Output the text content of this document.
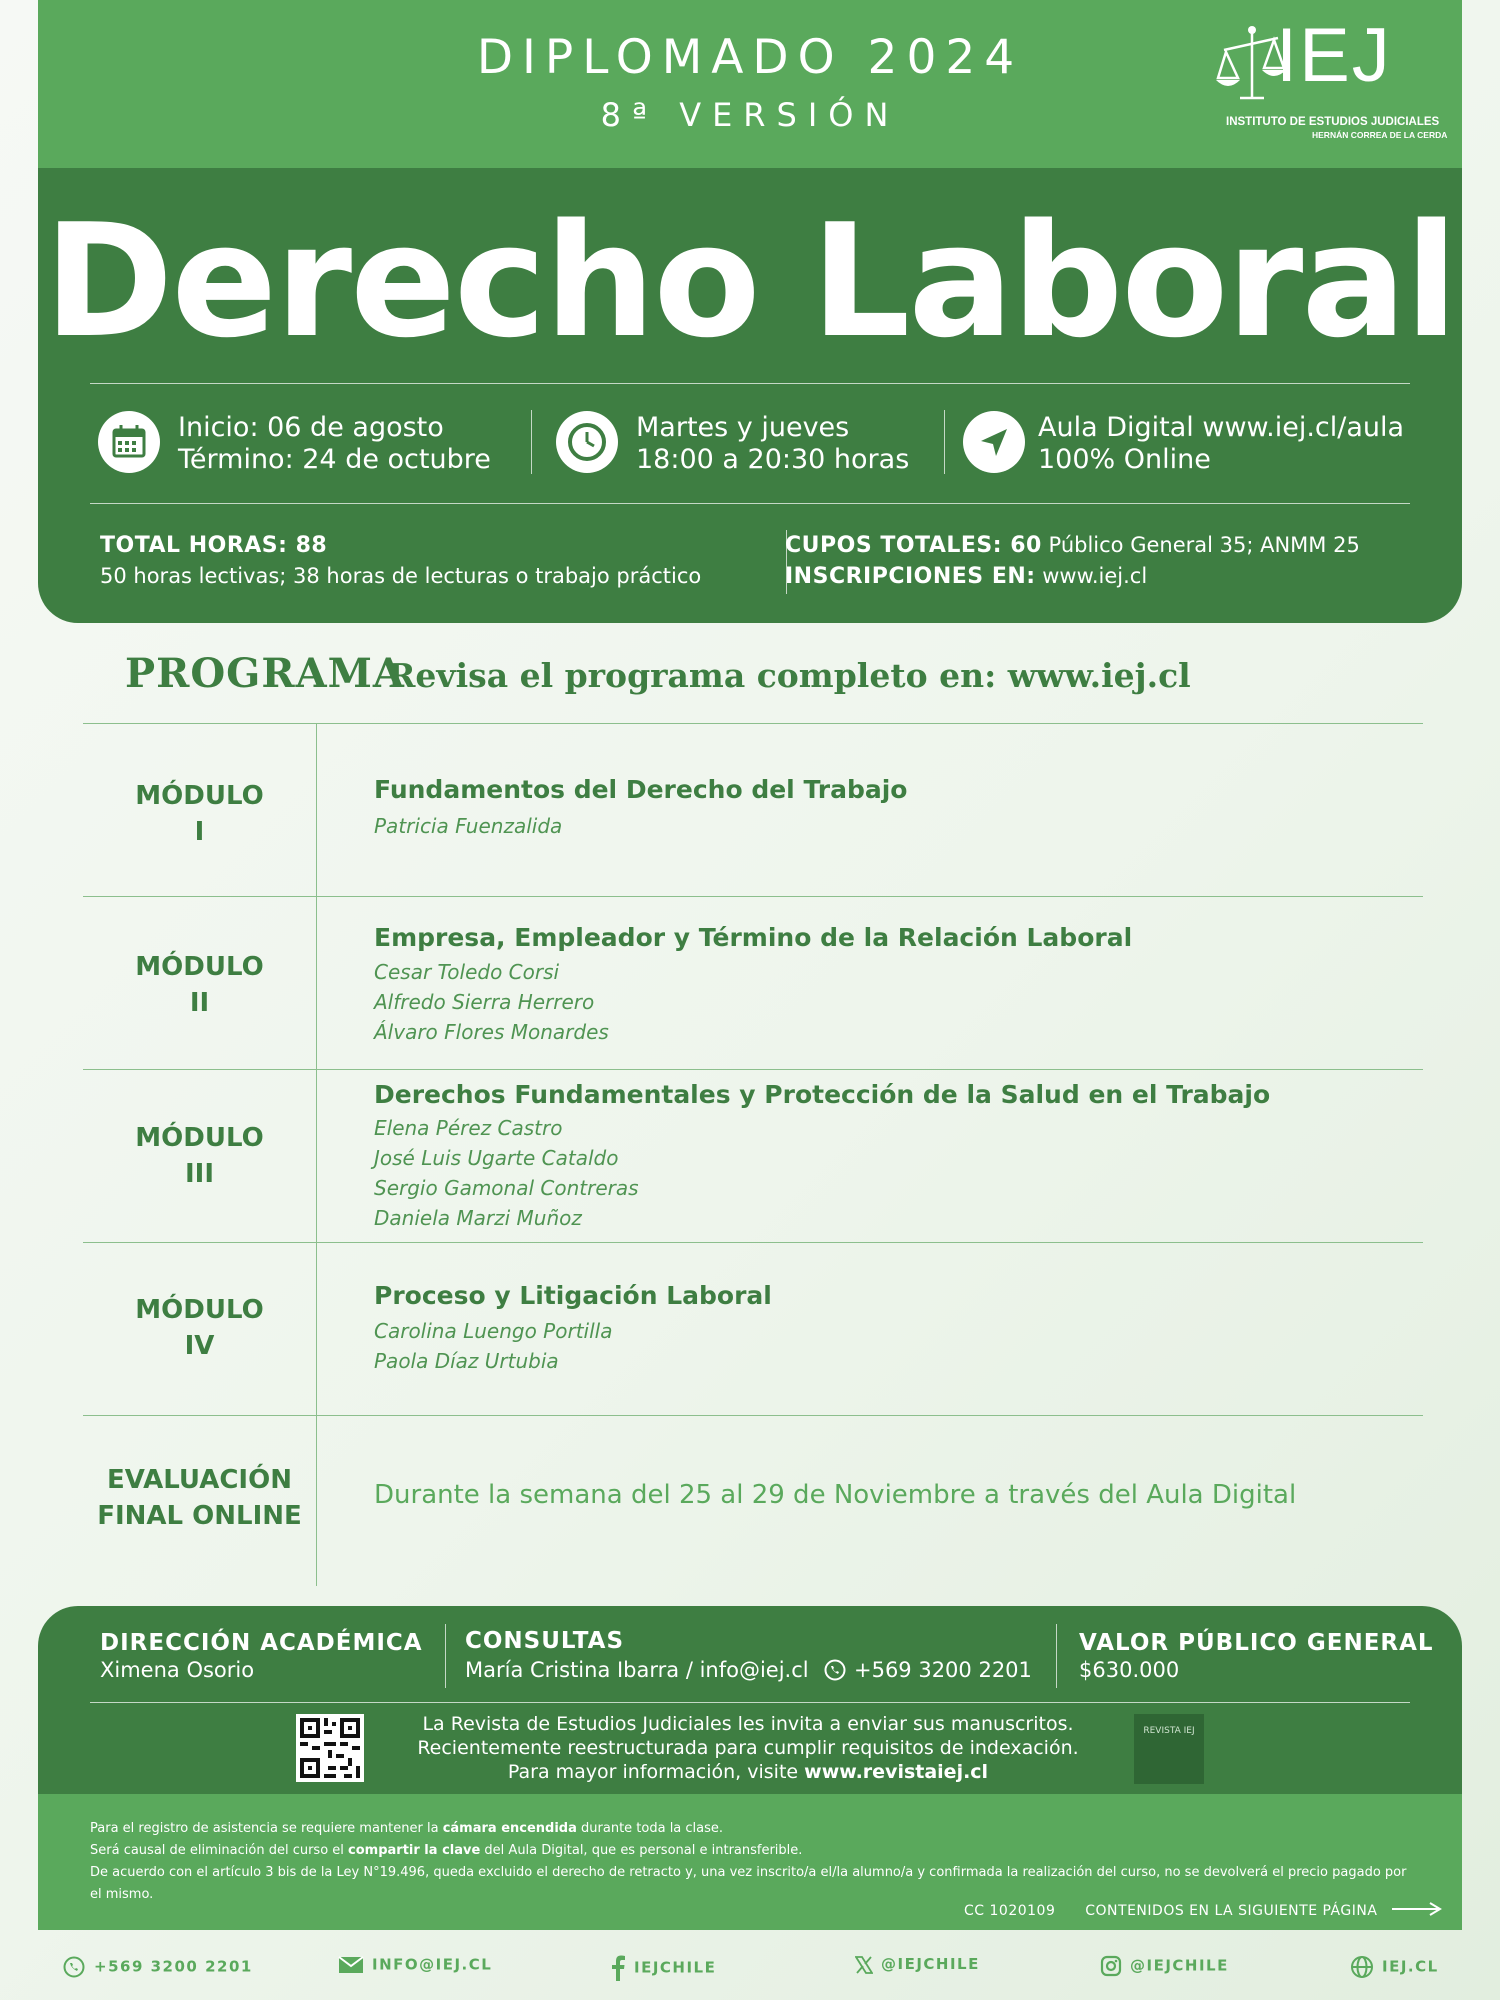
DIPLOMADO 2024
8ª VERSIÓN
IEJ
INSTITUTO DE ESTUDIOS JUDICIALES
HERNÁN CORREA DE LA CERDA
Derecho Laboral
Inicio: 06 de agosto
Término: 24 de octubre
Martes y jueves
18:00 a 20:30 horas
Aula Digital www.iej.cl/aula
100% Online
TOTAL HORAS: 88
50 horas lectivas; 38 horas de lecturas o trabajo práctico
CUPOS TOTALES: 60 Público General 35; ANMM 25
INSCRIPCIONES EN: www.iej.cl
PROGRAMA
Revisa el programa completo en: www.iej.cl
MÓDULO
I
Fundamentos del Derecho del Trabajo
Patricia Fuenzalida
MÓDULO
II
Empresa, Empleador y Término de la Relación Laboral
Cesar Toledo Corsi
Alfredo Sierra Herrero
Álvaro Flores Monardes
MÓDULO
III
Derechos Fundamentales y Protección de la Salud en el Trabajo
Elena Pérez Castro
José Luis Ugarte Cataldo
Sergio Gamonal Contreras
Daniela Marzi Muñoz
MÓDULO
IV
Proceso y Litigación Laboral
Carolina Luengo Portilla
Paola Díaz Urtubia
EVALUACIÓN
FINAL ONLINE
Durante la semana del 25 al 29 de Noviembre a través del Aula Digital
DIRECCIÓN ACADÉMICA
Ximena Osorio
CONSULTAS
María Cristina Ibarra / info@iej.cl +569 3200 2201
VALOR PÚBLICO GENERAL
$630.000
La Revista de Estudios Judiciales les invita a enviar sus manuscritos.
Recientemente reestructurada para cumplir requisitos de indexación.
Para mayor información, visite www.revistaiej.cl
REVISTA IEJ
Para el registro de asistencia se requiere mantener la cámara encendida durante toda la clase.
Será causal de eliminación del curso el compartir la clave del Aula Digital, que es personal e intransferible.
De acuerdo con el artículo 3 bis de la Ley N°19.496, queda excluido el derecho de retracto y, una vez inscrito/a el/la alumno/a y confirmada la realización del curso, no se devolverá el precio pagado por el mismo.
CC 1020109 CONTENIDOS EN LA SIGUIENTE PÁGINA
+569 3200 2201	INFO@IEJ.CL	IEJCHILE	@IEJCHILE	@IEJCHILE	IEJ.CL
